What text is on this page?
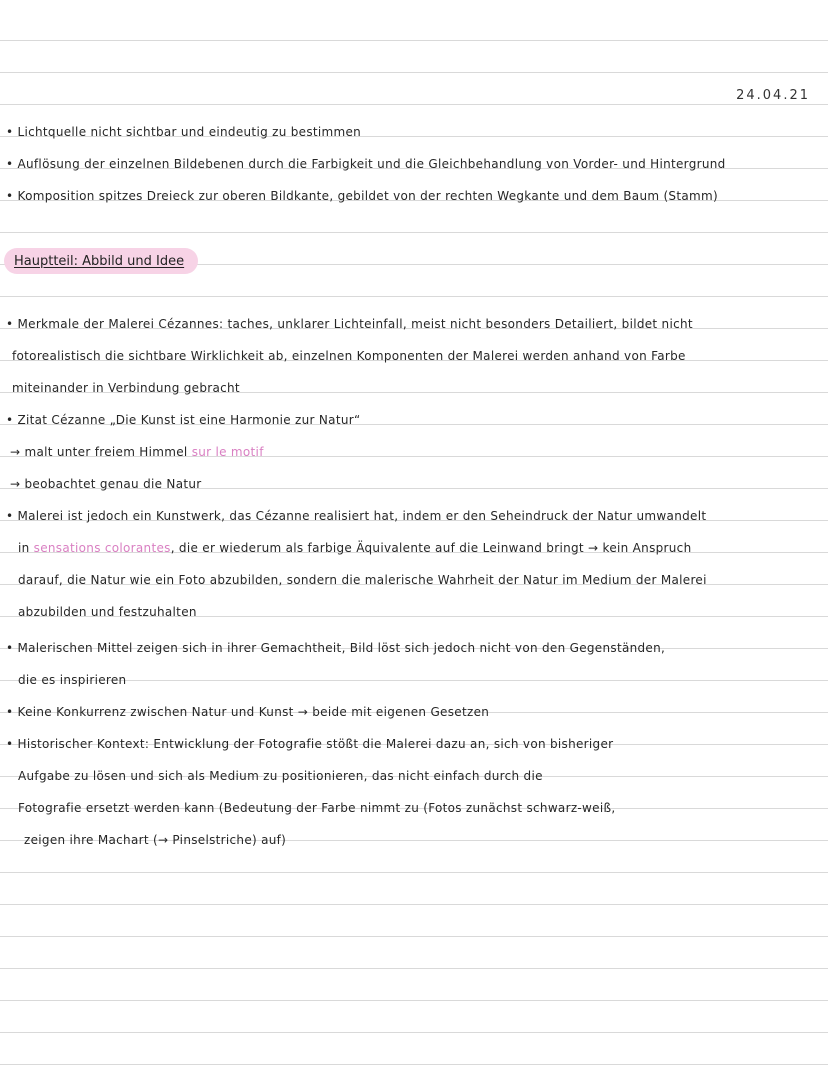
24.04.21
• Lichtquelle nicht sichtbar und eindeutig zu bestimmen
• Auflösung der einzelnen Bildebenen durch die Farbigkeit und die Gleichbehandlung von Vorder- und Hintergrund
• Komposition spitzes Dreieck zur oberen Bildkante, gebildet von der rechten Wegkante und dem Baum (Stamm)
Hauptteil: Abbild und Idee
• Merkmale der Malerei Cézannes: taches, unklarer Lichteinfall, meist nicht besonders Detailiert, bildet nicht
fotorealistisch die sichtbare Wirklichkeit ab, einzelnen Komponenten der Malerei werden anhand von Farbe
miteinander in Verbindung gebracht
• Zitat Cézanne „Die Kunst ist eine Harmonie zur Natur“
→ malt unter freiem Himmel sur le motif
→ beobachtet genau die Natur
• Malerei ist jedoch ein Kunstwerk, das Cézanne realisiert hat, indem er den Seheindruck der Natur umwandelt
in sensations colorantes, die er wiederum als farbige Äquivalente auf die Leinwand bringt → kein Anspruch
darauf, die Natur wie ein Foto abzubilden, sondern die malerische Wahrheit der Natur im Medium der Malerei
abzubilden und festzuhalten
• Malerischen Mittel zeigen sich in ihrer Gemachtheit, Bild löst sich jedoch nicht von den Gegenständen,
die es inspirieren
• Keine Konkurrenz zwischen Natur und Kunst → beide mit eigenen Gesetzen
• Historischer Kontext: Entwicklung der Fotografie stößt die Malerei dazu an, sich von bisheriger
Aufgabe zu lösen und sich als Medium zu positionieren, das nicht einfach durch die
Fotografie ersetzt werden kann (Bedeutung der Farbe nimmt zu (Fotos zunächst schwarz-weiß,
zeigen ihre Machart (→ Pinselstriche) auf)
